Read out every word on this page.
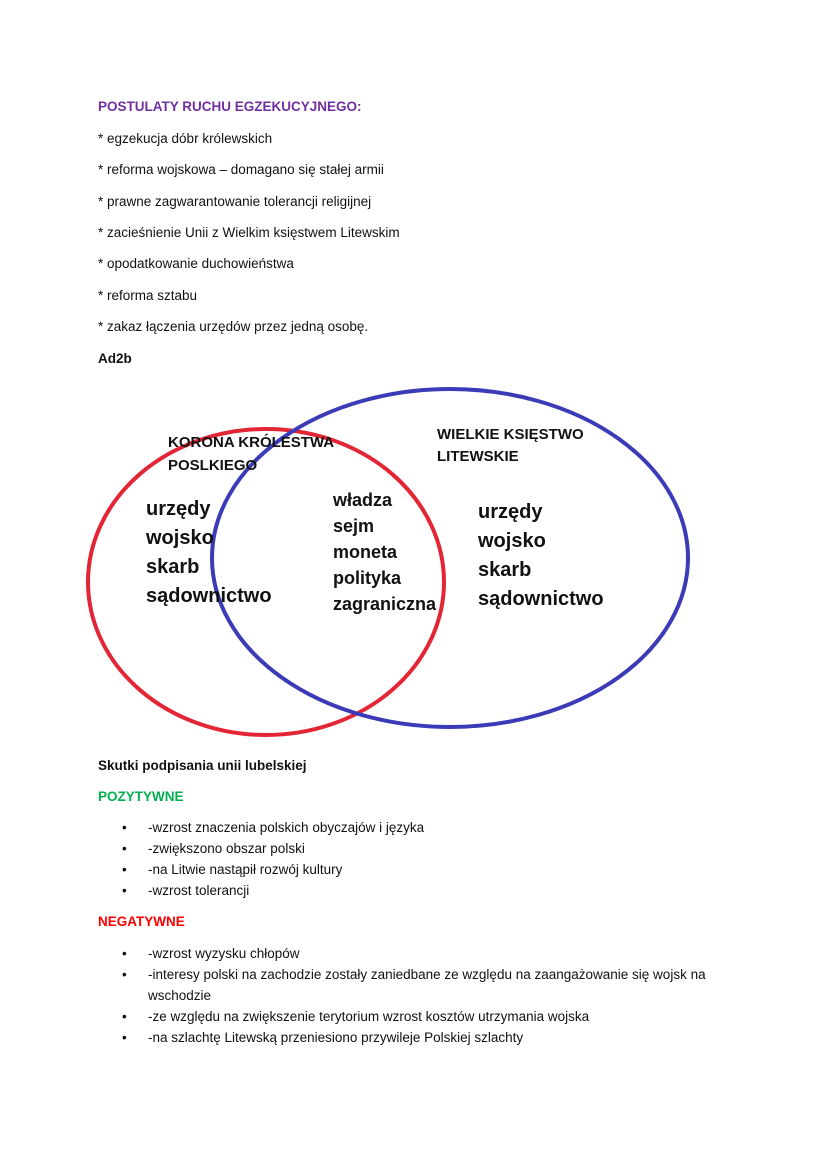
POSTULATY RUCHU EGZEKUCYJNEGO:
* egzekucja dóbr królewskich
* reforma wojskowa – domagano się stałej armii
* prawne zagwarantowanie tolerancji religijnej
* zacieśnienie Unii z Wielkim księstwem Litewskim
* opodatkowanie duchowieństwa
* reforma sztabu
* zakaz łączenia urzędów przez jedną osobę.
Ad2b
KORONA KRÓLESTWA
POSLKIEGO
WIELKIE KSIĘSTWO
LITEWSKIE
urzędy
wojsko
skarb
sądownictwo
władza
sejm
moneta
polityka
zagraniczna
urzędy
wojsko
skarb
sądownictwo
Skutki podpisania unii lubelskiej
POZYTYWNE
• -wzrost znaczenia polskich obyczajów i języka
• -zwiększono obszar polski
• -na Litwie nastąpił rozwój kultury
• -wzrost tolerancji
NEGATYWNE
• -wzrost wyzysku chłopów
• -interesy polski na zachodzie zostały zaniedbane ze względu na zaangażowanie się wojsk na
wschodzie
• -ze względu na zwiększenie terytorium wzrost kosztów utrzymania wojska
• -na szlachtę Litewską przeniesiono przywileje Polskiej szlachty
